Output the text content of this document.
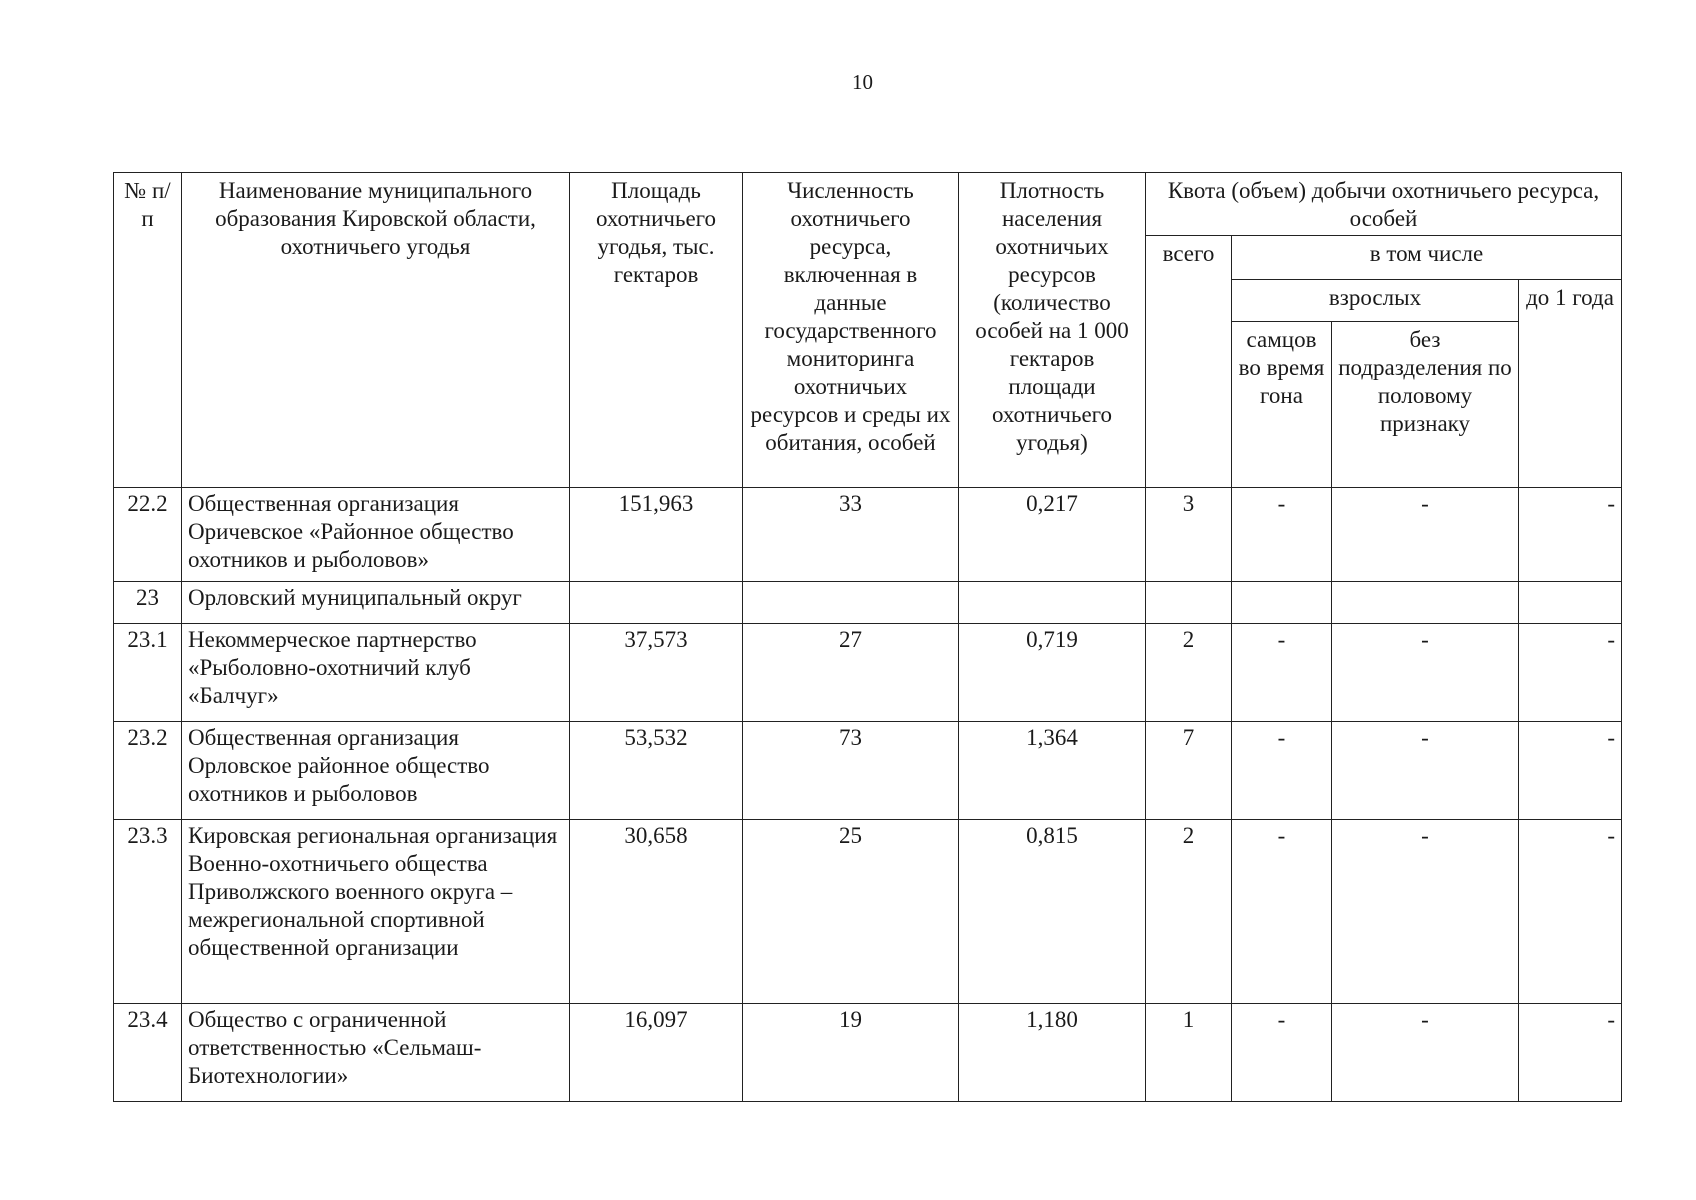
10
№ п/п	Наименование муниципального образования Кировской области, охотничьего угодья	Площадь охотничьего угодья, тыс. гектаров	Численность охотничьего ресурса, включенная в данные государственного мониторинга охотничьих ресурсов и среды их обитания, особей	Плотность населения охотничьих ресурсов (количество особей на 1 000 гектаров площади охотничьего угодья)	Квота (объем) добычи охотничьего ресурса, особей			
					всего	в том числе		
						взрослых		до 1 года
						самцов во время гона	без подразделения по половому признаку	
22.2	Общественная организация Оричевское «Районное общество охотников и рыболовов»	151,963	33	0,217	3	-	-	-
23	Орловский муниципальный округ							
23.1	Некоммерческое партнерство «Рыболовно-охотничий клуб «Балчуг»	37,573	27	0,719	2	-	-	-
23.2	Общественная организация Орловское районное общество охотников и рыболовов	53,532	73	1,364	7	-	-	-
23.3	Кировская региональная организация Военно-охотничьего общества Приволжского военного округа – межрегиональной спортивной общественной организации	30,658	25	0,815	2	-	-	-
23.4	Общество с ограниченной ответственностью «Сельмаш-Биотехнологии»	16,097	19	1,180	1	-	-	-
